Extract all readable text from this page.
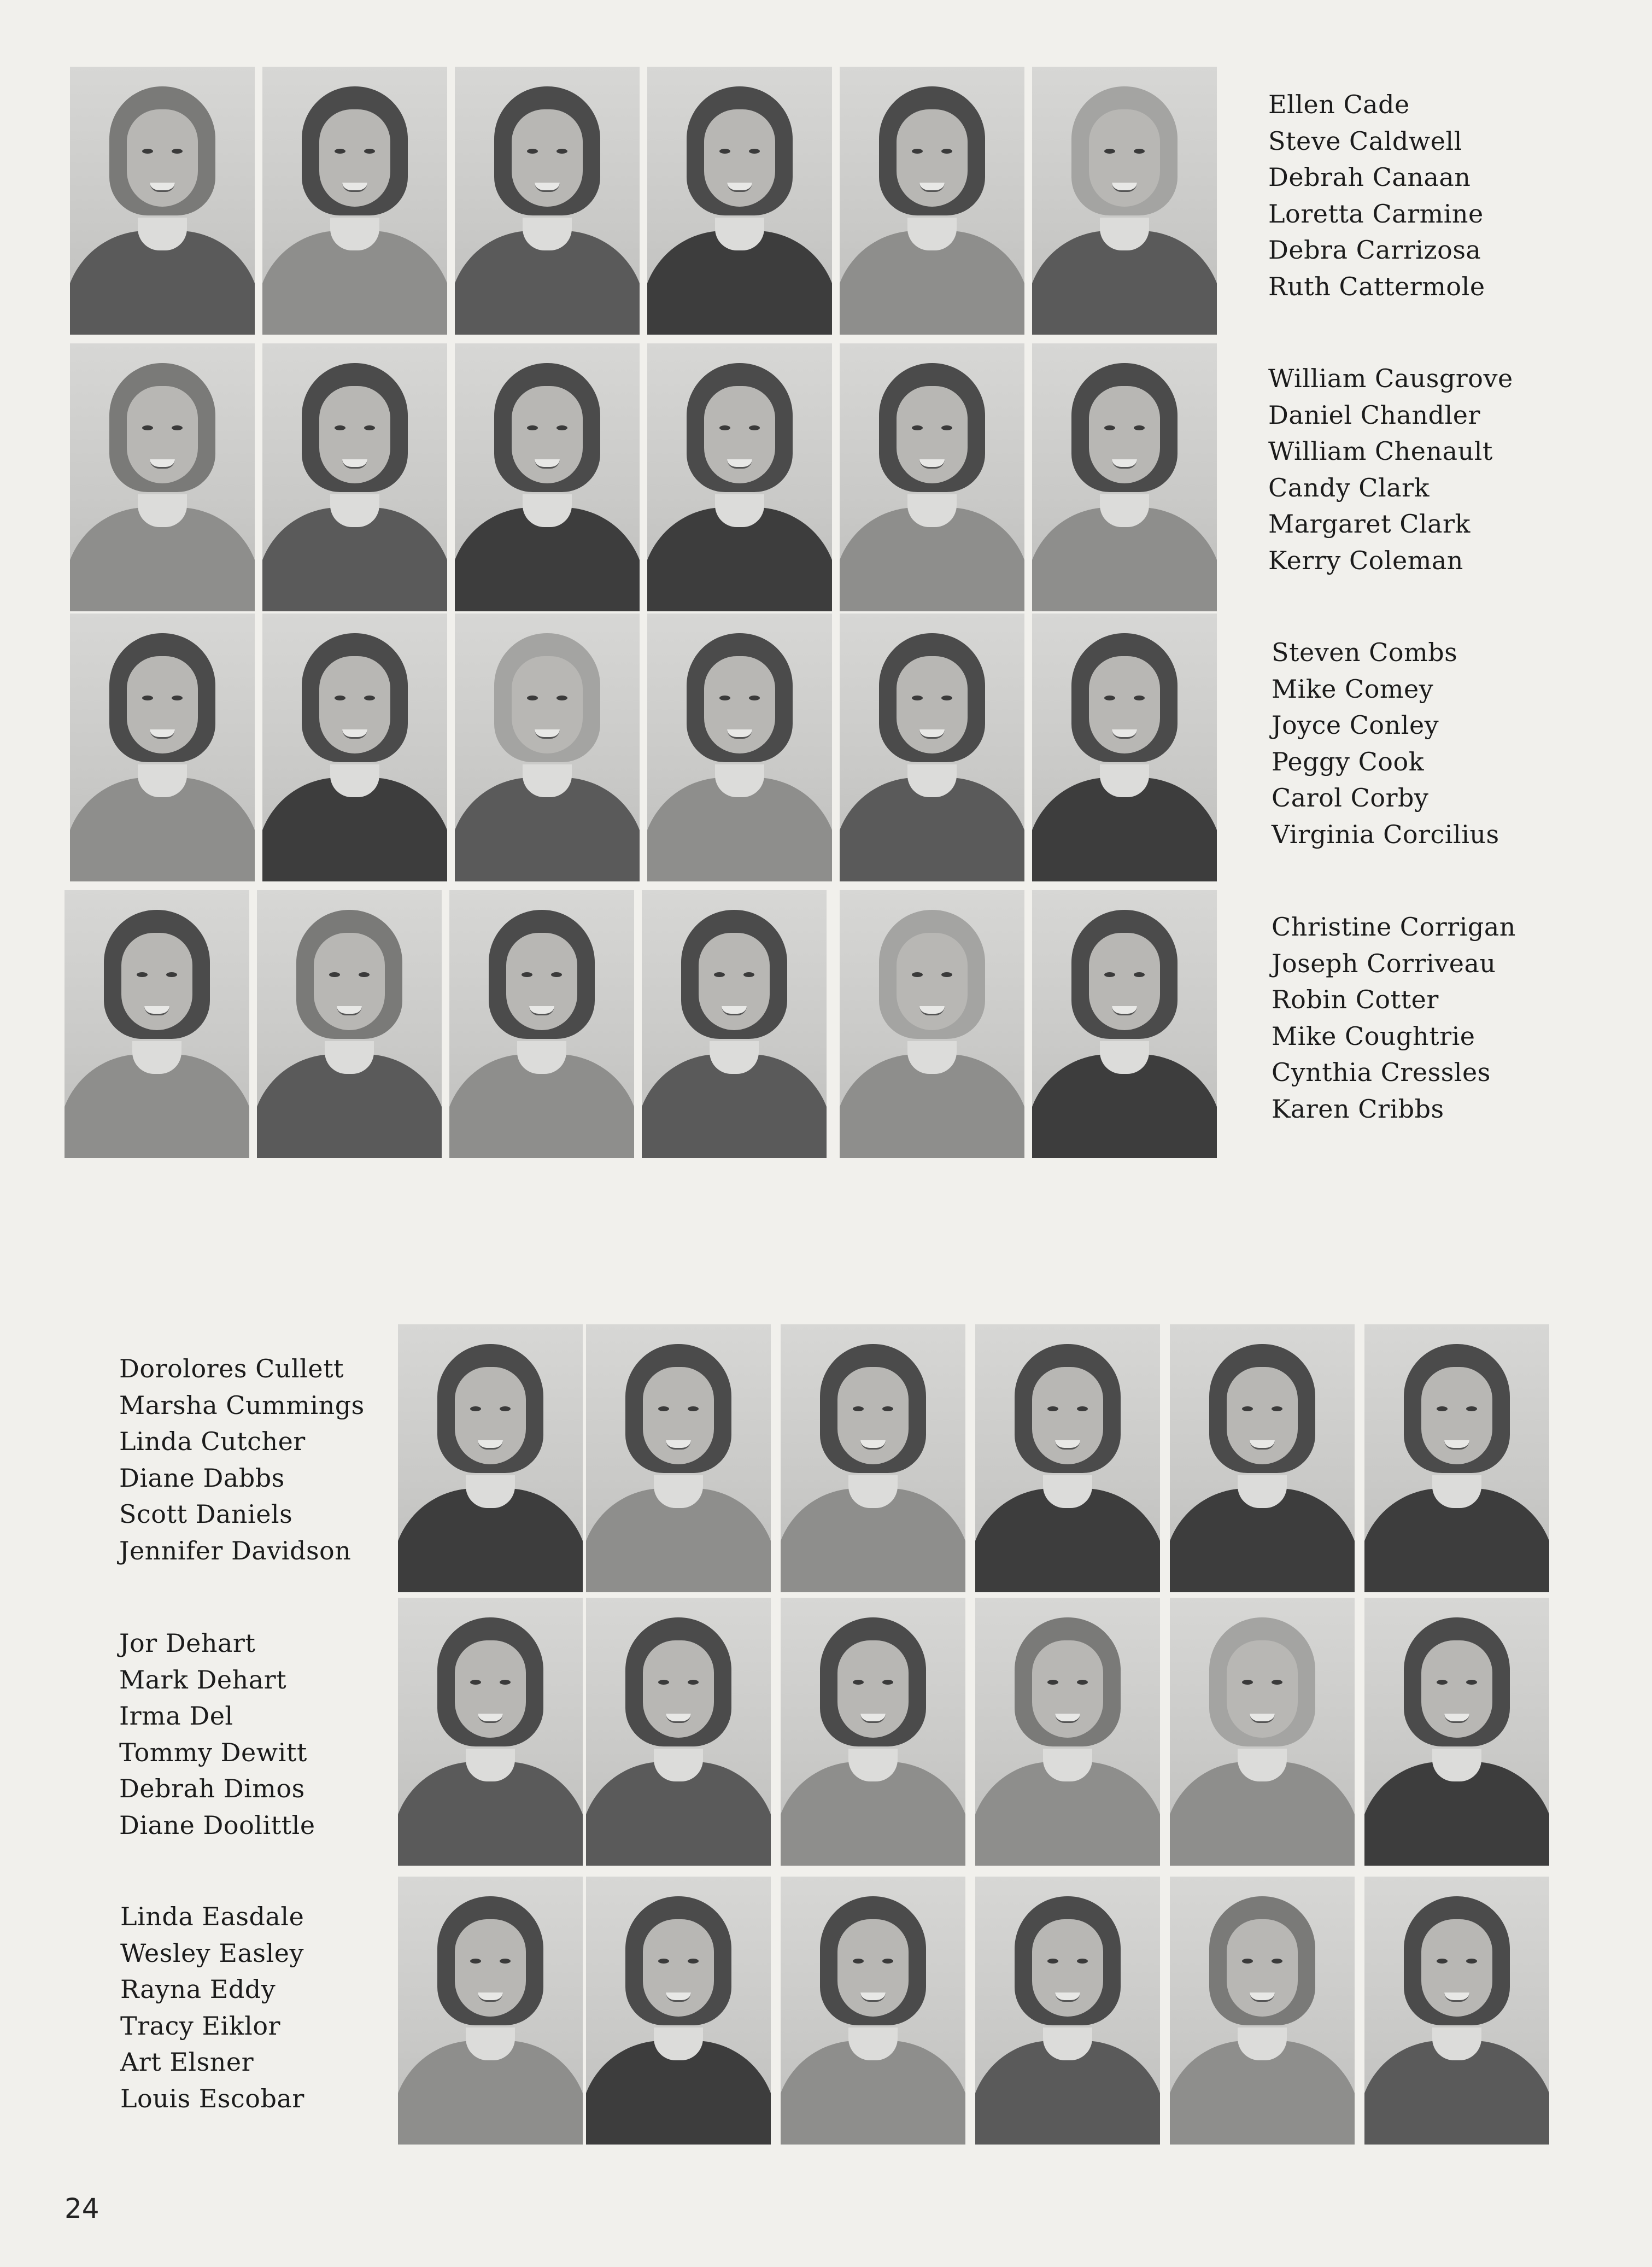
Ellen Cade
Steve Caldwell
Debrah Canaan
Loretta Carmine
Debra Carrizosa
Ruth Cattermole
William Causgrove
Daniel Chandler
William Chenault
Candy Clark
Margaret Clark
Kerry Coleman
Steven Combs
Mike Comey
Joyce Conley
Peggy Cook
Carol Corby
Virginia Corcilius
Christine Corrigan
Joseph Corriveau
Robin Cotter
Mike Coughtrie
Cynthia Cressles
Karen Cribbs
Dorolores Cullett
Marsha Cummings
Linda Cutcher
Diane Dabbs
Scott Daniels
Jennifer Davidson
Jor Dehart
Mark Dehart
Irma Del
Tommy Dewitt
Debrah Dimos
Diane Doolittle
Linda Easdale
Wesley Easley
Rayna Eddy
Tracy Eiklor
Art Elsner
Louis Escobar
24
